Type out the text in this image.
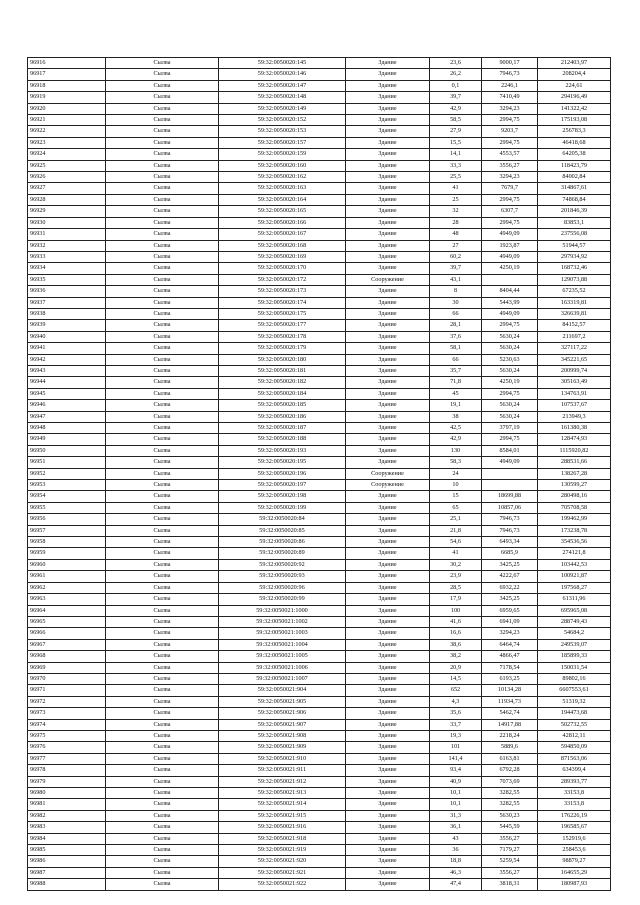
96916	Сылва	59:32:0050020:145	Здание	23,6	9000,17	212403,97
96917	Сылва	59:32:0050020:146	Здание	26,2	7946,73	208204,4
96918	Сылва	59:32:0050020:147	Здание	0,1	2246,1	224,61
96919	Сылва	59:32:0050020:148	Здание	39,7	7410,49	294196,49
96920	Сылва	59:32:0050020:149	Здание	42,9	3294,23	141322,42
96921	Сылва	59:32:0050020:152	Здание	58,5	2994,75	175193,08
96922	Сылва	59:32:0050020:153	Здание	27,9	9203,7	256783,3
96923	Сылва	59:32:0050020:157	Здание	15,5	2994,75	46418,68
96924	Сылва	59:32:0050020:159	Здание	14,1	4553,57	64205,38
96925	Сылва	59:32:0050020:160	Здание	33,3	3556,27	118423,79
96926	Сылва	59:32:0050020:162	Здание	25,5	3294,23	84002,84
96927	Сылва	59:32:0050020:163	Здание	41	7679,7	314867,61
96928	Сылва	59:32:0050020:164	Здание	25	2994,75	74868,84
96929	Сылва	59:32:0050020:165	Здание	32	6307,7	201846,39
96930	Сылва	59:32:0050020:166	Здание	28	2994,75	83853,1
96931	Сылва	59:32:0050020:167	Здание	48	4949,09	237556,08
96932	Сылва	59:32:0050020:168	Здание	27	1923,87	51944,57
96933	Сылва	59:32:0050020:169	Здание	60,2	4949,09	297934,92
96934	Сылва	59:32:0050020:170	Здание	39,7	4250,19	168732,46
96935	Сылва	59:32:0050020:172	Сооружение	43,1		129073,88
96936	Сылва	59:32:0050020:173	Здание	8	8404,44	67235,52
96937	Сылва	59:32:0050020:174	Здание	30	5443,99	163319,81
96938	Сылва	59:32:0050020:175	Здание	66	4949,09	326639,81
96939	Сылва	59:32:0050020:177	Здание	28,1	2994,75	84152,57
96940	Сылва	59:32:0050020:178	Здание	37,6	5630,24	211697,2
96941	Сылва	59:32:0050020:179	Здание	58,1	5630,24	327117,22
96942	Сылва	59:32:0050020:180	Здание	66	5230,63	345221,65
96943	Сылва	59:32:0050020:181	Здание	35,7	5630,24	200999,74
96944	Сылва	59:32:0050020:182	Здание	71,8	4250,19	305163,49
96945	Сылва	59:32:0050020:184	Здание	45	2994,75	134763,91
96946	Сылва	59:32:0050020:185	Здание	19,1	5630,24	107537,67
96947	Сылва	59:32:0050020:186	Здание	38	5630,24	213949,3
96948	Сылва	59:32:0050020:187	Здание	42,5	3797,19	161380,38
96949	Сылва	59:32:0050020:188	Здание	42,9	2994,75	128474,93
96950	Сылва	59:32:0050020:193	Здание	130	8584,01	1115920,82
96951	Сылва	59:32:0050020:195	Здание	58,3	4949,09	288531,66
96952	Сылва	59:32:0050020:196	Сооружение	24		138267,28
96953	Сылва	59:32:0050020:197	Сооружение	10		130599,27
96954	Сылва	59:32:0050020:198	Здание	15	18699,88	280498,16
96955	Сылва	59:32:0050020:199	Здание	65	10857,06	705708,58
96956	Сылва	59:32:0050020:84	Здание	25,1	7946,73	199462,99
96957	Сылва	59:32:0050020:85	Здание	21,8	7946,73	173238,78
96958	Сылва	59:32:0050020:86	Здание	54,6	6493,34	354536,56
96959	Сылва	59:32:0050020:89	Здание	41	6685,9	274121,8
96960	Сылва	59:32:0050020:92	Здание	30,2	3425,25	103442,53
96961	Сылва	59:32:0050020:93	Здание	23,9	4222,67	100921,87
96962	Сылва	59:32:0050020:96	Здание	28,5	6932,22	197568,27
96963	Сылва	59:32:0050020:99	Здание	17,9	3425,25	61311,96
96964	Сылва	59:32:0050021:1000	Здание	100	6959,65	695965,08
96965	Сылва	59:32:0050021:1002	Здание	41,6	6941,09	288749,43
96966	Сылва	59:32:0050021:1003	Здание	16,6	3294,23	54684,2
96967	Сылва	59:32:0050021:1004	Здание	38,6	6464,74	249539,07
96968	Сылва	59:32:0050021:1005	Здание	38,2	4866,47	185899,33
96969	Сылва	59:32:0050021:1006	Здание	20,9	7178,54	150031,54
96970	Сылва	59:32:0050021:1007	Здание	14,5	6193,25	89802,16
96971	Сылва	59:32:0050021:904	Здание	652	10134,28	6607553,61
96972	Сылва	59:32:0050021:905	Здание	4,3	11934,73	51319,32
96973	Сылва	59:32:0050021:906	Здание	35,6	5462,74	194473,68
96974	Сылва	59:32:0050021:907	Здание	33,7	14917,88	502732,55
96975	Сылва	59:32:0050021:908	Здание	19,3	2218,24	42812,11
96976	Сылва	59:32:0050021:909	Здание	101	5889,6	594850,09
96977	Сылва	59:32:0050021:910	Здание	141,4	6163,81	871563,06
96978	Сылва	59:32:0050021:911	Здание	93,4	6792,28	634399,4
96979	Сылва	59:32:0050021:912	Здание	40,9	7073,69	289393,77
96980	Сылва	59:32:0050021:913	Здание	10,1	3282,55	33153,8
96981	Сылва	59:32:0050021:914	Здание	10,1	3282,55	33153,8
96982	Сылва	59:32:0050021:915	Здание	31,3	5630,23	176226,19
96983	Сылва	59:32:0050021:916	Здание	36,1	5445,59	196585,67
96984	Сылва	59:32:0050021:918	Здание	43	3556,27	152919,6
96985	Сылва	59:32:0050021:919	Здание	36	7179,27	258453,6
96986	Сылва	59:32:0050021:920	Здание	18,8	5259,54	98879,27
96987	Сылва	59:32:0050021:921	Здание	46,3	3556,27	164655,29
96988	Сылва	59:32:0050021:922	Здание	47,4	3818,31	180987,93
